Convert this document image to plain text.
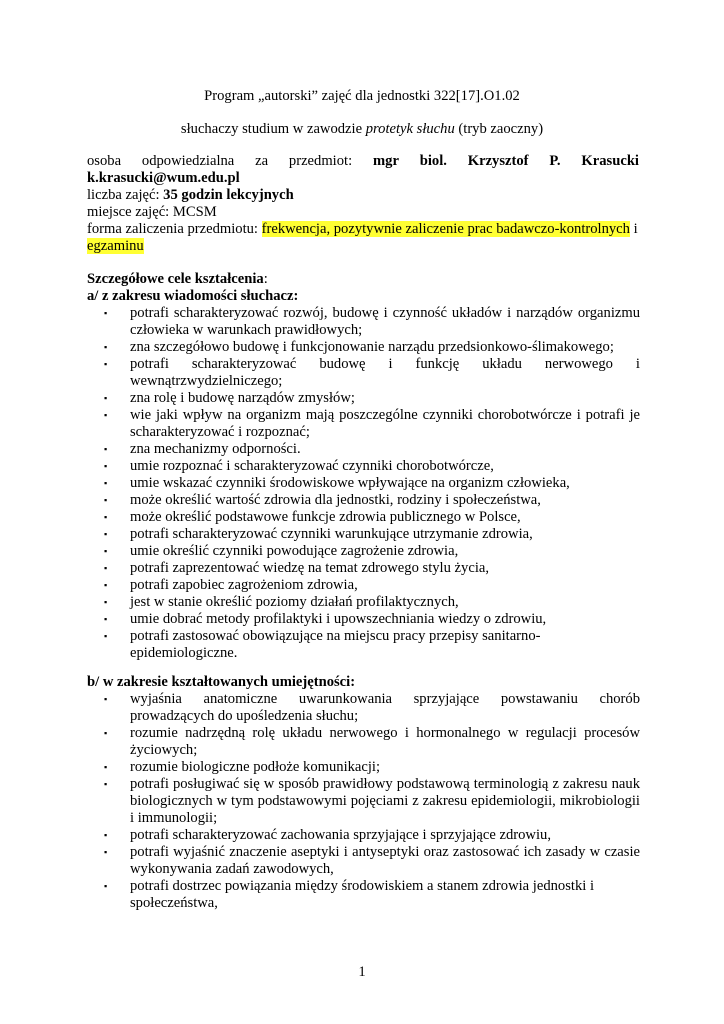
Program „autorski” zajęć dla jednostki 322[17].O1.02
słuchaczy studium w zawodzie protetyk słuchu (tryb zaoczny)
osoba odpowiedzialna za przedmiot: mgr biol. Krzysztof P. Krasucki
k.krasucki@wum.edu.pl
liczba zajęć: 35 godzin lekcyjnych
miejsce zajęć: MCSM
forma zaliczenia przedmiotu: frekwencja, pozytywnie zaliczenie prac badawczo-kontrolnych i
egzaminu
Szczegółowe cele kształcenia:
a/ z zakresu wiadomości słuchacz:
▪ potrafi scharakteryzować rozwój, budowę i czynność układów i narządów organizmu
człowieka w warunkach prawidłowych;
▪ zna szczegółowo budowę i funkcjonowanie narządu przedsionkowo-ślimakowego;
▪ potrafi scharakteryzować budowę i funkcję układu nerwowego i
wewnątrzwydzielniczego;
▪ zna rolę i budowę narządów zmysłów;
▪ wie jaki wpływ na organizm mają poszczególne czynniki chorobotwórcze i potrafi je
scharakteryzować i rozpoznać;
▪ zna mechanizmy odporności.
▪ umie rozpoznać i scharakteryzować czynniki chorobotwórcze,
▪ umie wskazać czynniki środowiskowe wpływające na organizm człowieka,
▪ może określić wartość zdrowia dla jednostki, rodziny i społeczeństwa,
▪ może określić podstawowe funkcje zdrowia publicznego w Polsce,
▪ potrafi scharakteryzować czynniki warunkujące utrzymanie zdrowia,
▪ umie określić czynniki powodujące zagrożenie zdrowia,
▪ potrafi zaprezentować wiedzę na temat zdrowego stylu życia,
▪ potrafi zapobiec zagrożeniom zdrowia,
▪ jest w stanie określić poziomy działań profilaktycznych,
▪ umie dobrać metody profilaktyki i upowszechniania wiedzy o zdrowiu,
▪ potrafi zastosować obowiązujące na miejscu pracy przepisy sanitarno-
epidemiologiczne.
b/ w zakresie kształtowanych umiejętności:
▪ wyjaśnia anatomiczne uwarunkowania sprzyjające powstawaniu chorób
prowadzących do upośledzenia słuchu;
▪ rozumie nadrzędną rolę układu nerwowego i hormonalnego w regulacji procesów
życiowych;
▪ rozumie biologiczne podłoże komunikacji;
▪ potrafi posługiwać się w sposób prawidłowy podstawową terminologią z zakresu nauk
biologicznych w tym podstawowymi pojęciami z zakresu epidemiologii, mikrobiologii
i immunologii;
▪ potrafi scharakteryzować zachowania sprzyjające i sprzyjające zdrowiu,
▪ potrafi wyjaśnić znaczenie aseptyki i antyseptyki oraz zastosować ich zasady w czasie
wykonywania zadań zawodowych,
▪ potrafi dostrzec powiązania między środowiskiem a stanem zdrowia jednostki i
społeczeństwa,
1
